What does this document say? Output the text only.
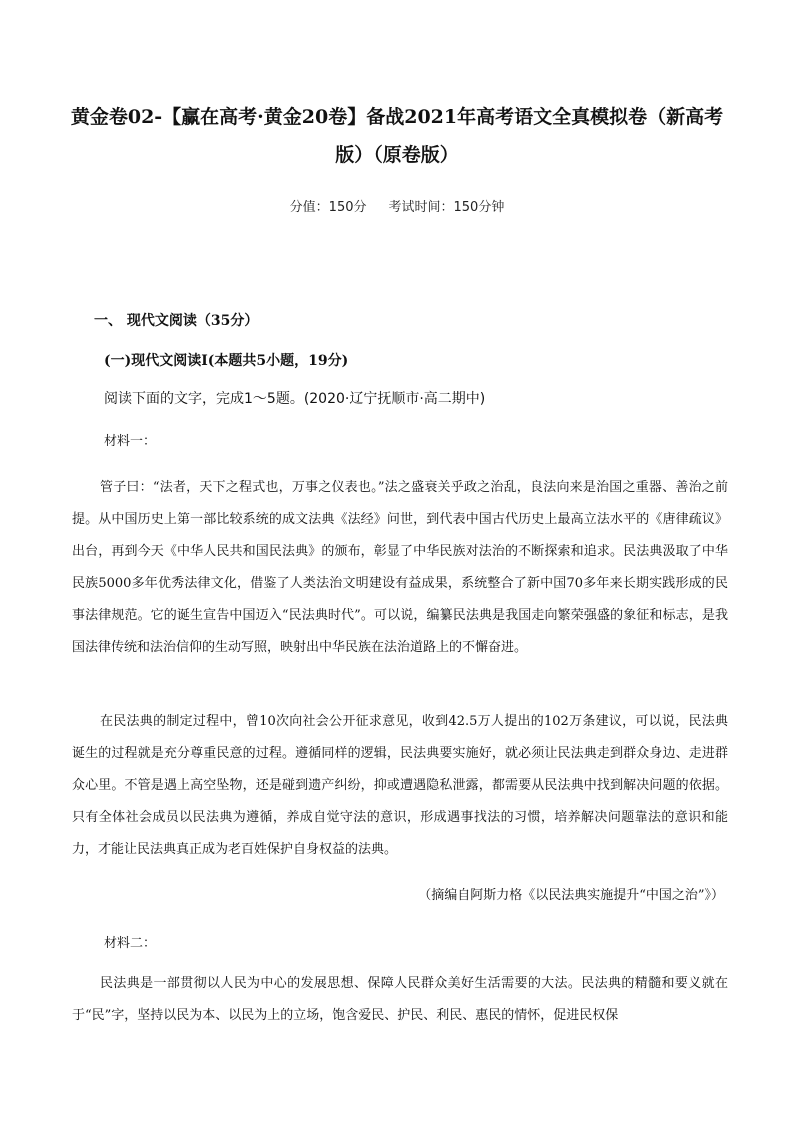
黄金卷02-【赢在高考·黄金20卷】备战2021年高考语文全真模拟卷（新高考版）（原卷版）
分值：150分 考试时间：150分钟
一、 现代文阅读（35分）
(一)现代文阅读Ⅰ(本题共5小题，19分)
阅读下面的文字，完成1～5题。(2020·辽宁抚顺市·高二期中)
材料一：

管子曰：“法者，天下之程式也，万事之仪表也。”法之盛衰关乎政之治乱，良法向来是治国之重器、善治之前提。从中国历史上第一部比较系统的成文法典《法经》问世，到代表中国古代历史上最高立法水平的《唐律疏议》出台，再到今天《中华人民共和国民法典》的颁布，彰显了中华民族对法治的不断探索和追求。民法典汲取了中华民族5000多年优秀法律文化，借鉴了人类法治文明建设有益成果，系统整合了新中国70多年来长期实践形成的民事法律规范。它的诞生宣告中国迈入“民法典时代”。可以说，编纂民法典是我国走向繁荣强盛的象征和标志，是我国法律传统和法治信仰的生动写照，映射出中华民族在法治道路上的不懈奋进。

在民法典的制定过程中，曾10次向社会公开征求意见，收到42.5万人提出的102万条建议，可以说，民法典诞生的过程就是充分尊重民意的过程。遵循同样的逻辑，民法典要实施好，就必须让民法典走到群众身边、走进群众心里。不管是遇上高空坠物，还是碰到遗产纠纷，抑或遭遇隐私泄露，都需要从民法典中找到解决问题的依据。只有全体社会成员以民法典为遵循，养成自觉守法的意识，形成遇事找法的习惯，培养解决问题靠法的意识和能力，才能让民法典真正成为老百姓保护自身权益的法典。

（摘编自阿斯力格《以民法典实施提升“中国之治”》）
材料二：

民法典是一部贯彻以人民为中心的发展思想、保障人民群众美好生活需要的大法。民法典的精髓和要义就在于“民”字，坚持以民为本、以民为上的立场，饱含爱民、护民、利民、惠民的情怀，促进民权保
